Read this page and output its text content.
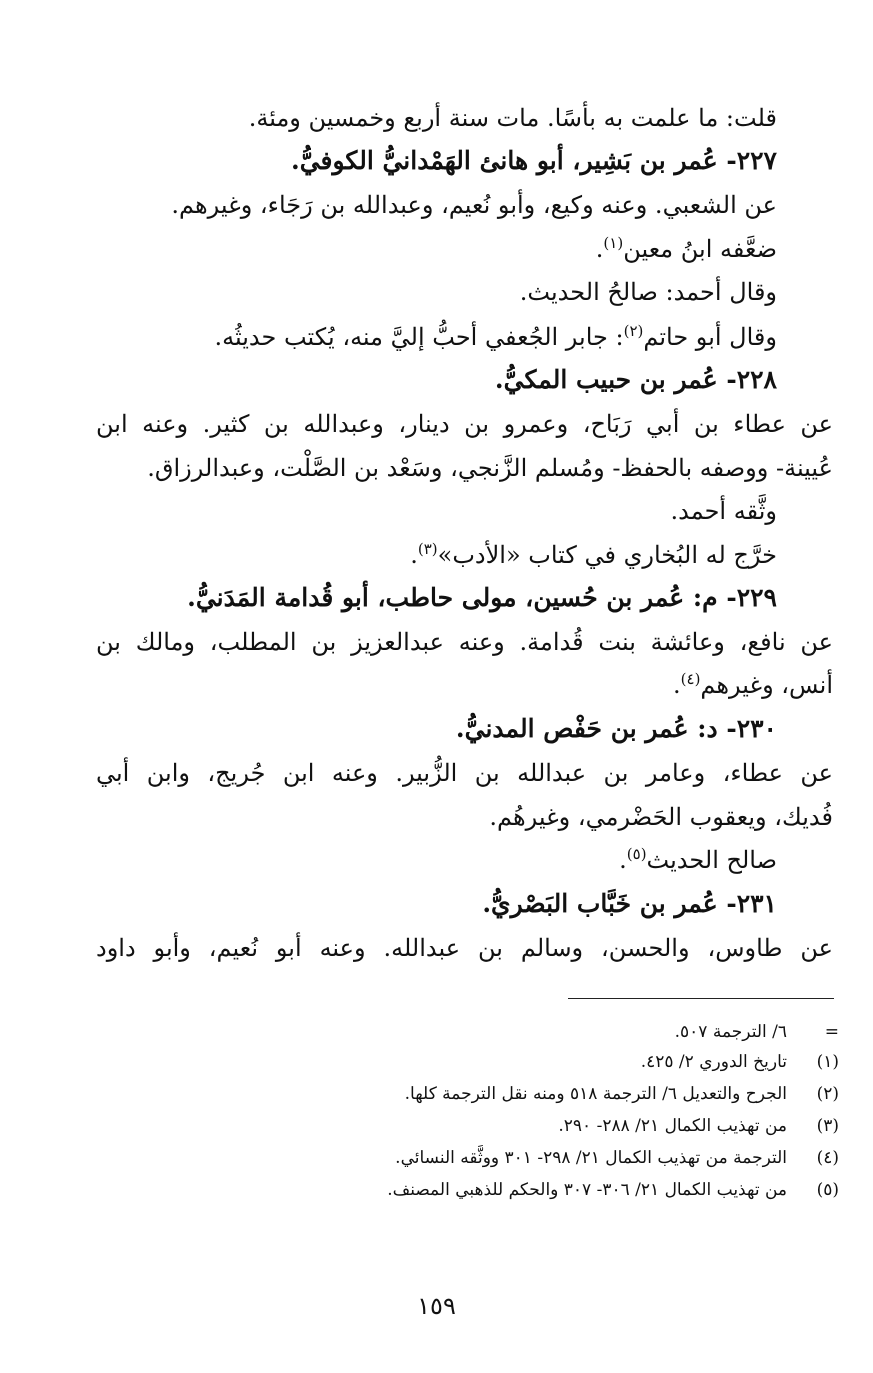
قلت: ما علمت به بأسًا. مات سنة أربع وخمسين ومئة.
٢٢٧- عُمر بن بَشِير، أبو هانئ الهَمْدانيُّ الكوفيُّ.
عن الشعبي. وعنه وكيع، وأبو نُعيم، وعبدالله بن رَجَاء، وغيرهم.
ضعَّفه ابنُ معين$^{(١)}$.
وقال أحمد: صالحُ الحديث.
وقال أبو حاتم$^{(٢)}$: جابر الجُعفي أحبُّ إليَّ منه، يُكتب حديثُه.
٢٢٨- عُمر بن حبيب المكيُّ.
عن عطاء بن أبي رَبَاح، وعمرو بن دينار، وعبدالله بن كثير. وعنه ابن
عُيينة- ووصفه بالحفظ- ومُسلم الزَّنجي، وسَعْد بن الصَّلْت، وعبدالرزاق.
وثَّقه أحمد.
خرَّج له البُخاري في كتاب «الأدب»$^{(٣)}$.
٢٢٩- م: عُمر بن حُسين، مولى حاطب، أبو قُدامة المَدَنيُّ.
عن نافع، وعائشة بنت قُدامة. وعنه عبدالعزيز بن المطلب، ومالك بن
أنس، وغيرهم$^{(٤)}$.
٢٣٠- د: عُمر بن حَفْص المدنيُّ.
عن عطاء، وعامر بن عبدالله بن الزُّبير. وعنه ابن جُريج، وابن أبي
فُديك، ويعقوب الحَضْرمي، وغيرهُم.
صالح الحديث$^{(٥)}$.
٢٣١- عُمر بن خَبَّاب البَصْريُّ.
عن طاوس، والحسن، وسالم بن عبدالله. وعنه أبو نُعيم، وأبو داود
=٦/ الترجمة ٥٠٧.
(١)تاريخ الدوري ٢/ ٤٢٥.
(٢)الجرح والتعديل ٦/ الترجمة ٥١٨ ومنه نقل الترجمة كلها.
(٣)من تهذيب الكمال ٢١/ ٢٨٨- ٢٩٠.
(٤)الترجمة من تهذيب الكمال ٢١/ ٢٩٨- ٣٠١ ووثَّقه النسائي.
(٥)من تهذيب الكمال ٢١/ ٣٠٦- ٣٠٧ والحكم للذهبي المصنف.
١٥٩
